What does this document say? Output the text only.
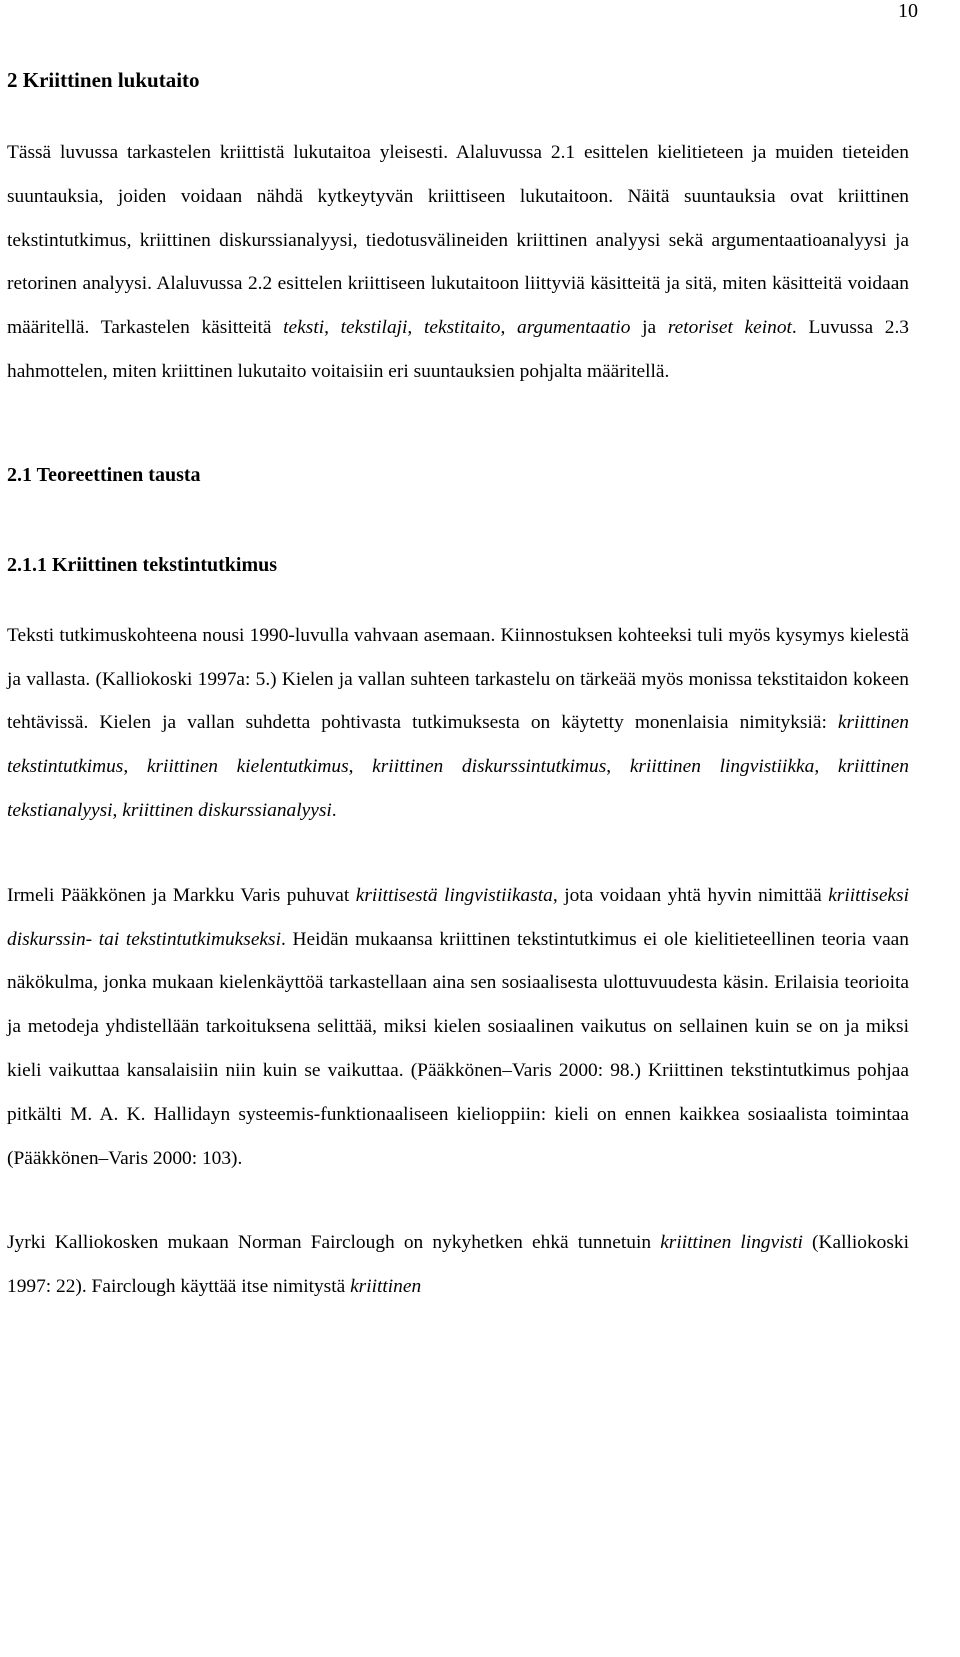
10
2 Kriittinen lukutaito

Tässä luvussa tarkastelen kriittistä lukutaitoa yleisesti. Alaluvussa 2.1 esittelen kielitieteen ja muiden tieteiden suuntauksia, joiden voidaan nähdä kytkeytyvän kriittiseen lukutaitoon. Näitä suuntauksia ovat kriittinen tekstintutkimus, kriittinen diskurssianalyysi, tiedotusvälineiden kriittinen analyysi sekä argumentaatioanalyysi ja retorinen analyysi. Alaluvussa 2.2 esittelen kriittiseen lukutaitoon liittyviä käsitteitä ja sitä, miten käsitteitä voidaan määritellä. Tarkastelen käsitteitä teksti, tekstilaji, tekstitaito, argumentaatio ja retoriset keinot. Luvussa 2.3 hahmottelen, miten kriittinen lukutaito voitaisiin eri suuntauksien pohjalta määritellä.

2.1 Teoreettinen tausta
2.1.1 Kriittinen tekstintutkimus

Teksti tutkimuskohteena nousi 1990-luvulla vahvaan asemaan. Kiinnostuksen kohteeksi tuli myös kysymys kielestä ja vallasta. (Kalliokoski 1997a: 5.) Kielen ja vallan suhteen tarkastelu on tärkeää myös monissa tekstitaidon kokeen tehtävissä. Kielen ja vallan suhdetta pohtivasta tutkimuksesta on käytetty monenlaisia nimityksiä: kriittinen tekstintutkimus, kriittinen kielentutkimus, kriittinen diskurssintutkimus, kriittinen lingvistiikka, kriittinen tekstianalyysi, kriittinen diskurssianalyysi.

Irmeli Pääkkönen ja Markku Varis puhuvat kriittisestä lingvistiikasta, jota voidaan yhtä hyvin nimittää kriittiseksi diskurssin- tai tekstintutkimukseksi. Heidän mukaansa kriittinen tekstintutkimus ei ole kielitieteellinen teoria vaan näkökulma, jonka mukaan kielenkäyttöä tarkastellaan aina sen sosiaalisesta ulottuvuudesta käsin. Erilaisia teorioita ja metodeja yhdistellään tarkoituksena selittää, miksi kielen sosiaalinen vaikutus on sellainen kuin se on ja miksi kieli vaikuttaa kansalaisiin niin kuin se vaikuttaa. (Pääkkönen–Varis 2000: 98.) Kriittinen tekstintutkimus pohjaa pitkälti M. A. K. Hallidayn systeemis-funktionaaliseen kielioppiin: kieli on ennen kaikkea sosiaalista toimintaa (Pääkkönen–Varis 2000: 103).

Jyrki Kalliokosken mukaan Norman Fairclough on nykyhetken ehkä tunnetuin kriittinen lingvisti (Kalliokoski 1997: 22). Fairclough käyttää itse nimitystä kriittinen
